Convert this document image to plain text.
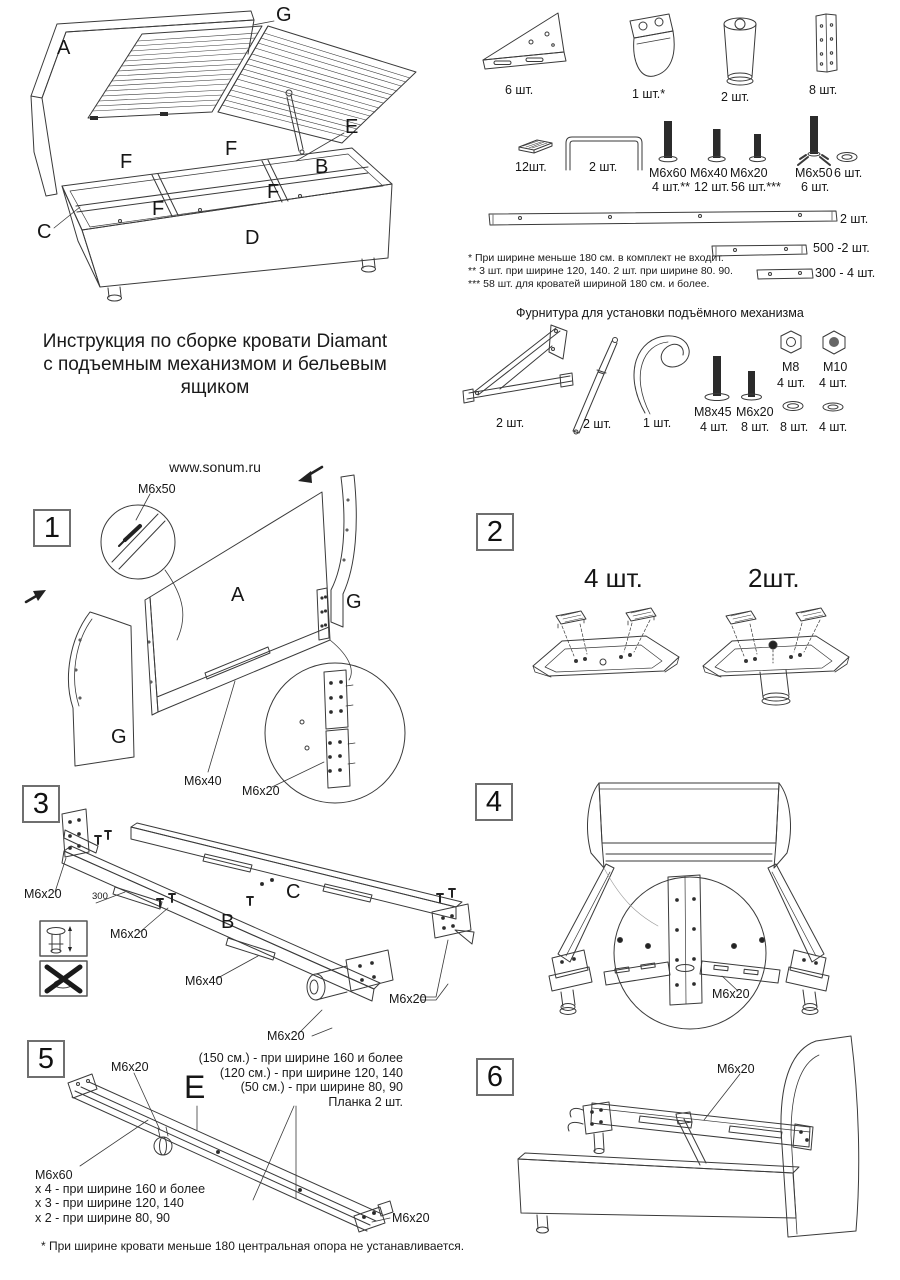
A
G
E
F
F
B
F
F
C	D
6 шт.	1 шт.*	2 шт.	8 шт.
12шт.	2 шт.	M6x60
4 шт.**
M6x40
12 шт.
M6x20
56 шт.***
M6x50
6 шт.
6 шт.
2 шт.
500 -2 шт.
300 - 4 шт.
* При ширине меньше 180 см. в комплект не входит.
** 3 шт. при ширине 120, 140. 2 шт. при ширине 80. 90.
*** 58 шт. для кроватей шириной 180 см. и более.
Инструкция по сборке кровати Diamant
с подъемным механизмом и бельевым ящиком
www.sonum.ru
Фурнитура для установки подъёмного механизма
2 шт.	2 шт.	1 шт.
M8x45
4 шт.
M6x20
8 шт.
M8
4 шт.
M10
4 шт.
8 шт. 4 шт.
1	2
3	4
5
6
M6x50
A	G
G
M6x40
M6x20
4 шт.	2шт.
M6x20	300
M6x20
B
C
M6x40
M6x20
M6x20	M6x20
M6x20
E
(150 см.) - при ширине 160 и более
(120 см.) - при ширине 120, 140
(50 см.) - при ширине 80, 90
Планка 2 шт.
M6x60
х 4 - при ширине 160 и более
х 3 - при ширине 120, 140
х 2 - при ширине 80, 90	M6x20
* При ширине кровати меньше 180 центральная опора не устанавливается.
M6x20
